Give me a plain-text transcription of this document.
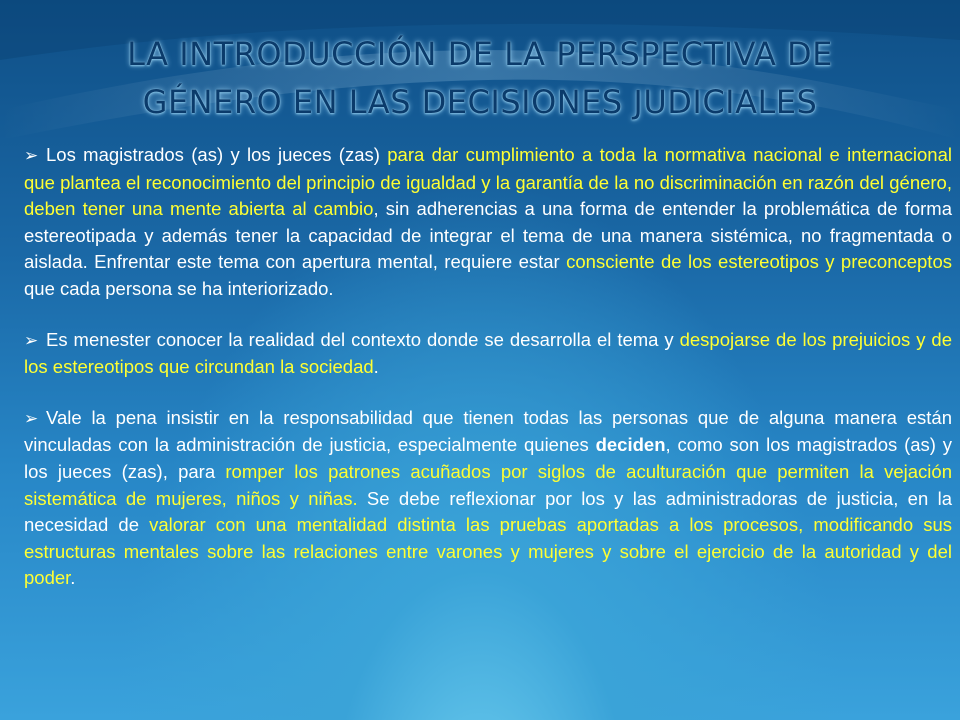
LA INTRODUCCIÓN DE LA PERSPECTIVA DE
GÉNERO EN LAS DECISIONES JUDICIALES

➢ Los magistrados (as) y los jueces (zas) para dar cumplimiento a toda la normativa nacional e internacional que plantea el reconocimiento del principio de igualdad y la garantía de la no discriminación en razón del género, deben tener una mente abierta al cambio, sin adherencias a una forma de entender la problemática de forma estereotipada y además tener la capacidad de integrar el tema de una manera sistémica, no fragmentada o aislada. Enfrentar este tema con apertura mental, requiere estar consciente de los estereotipos y preconceptos que cada persona se ha interiorizado.

➢ Es menester conocer la realidad del contexto donde se desarrolla el tema y despojarse de los prejuicios y de los estereotipos que circundan la sociedad.

➢ Vale la pena insistir en la responsabilidad que tienen todas las personas que de alguna manera están vinculadas con la administración de justicia, especialmente quienes deciden, como son los magistrados (as) y los jueces (zas), para romper los patrones acuñados por siglos de aculturación que permiten la vejación sistemática de mujeres, niños y niñas. Se debe reflexionar por los y las administradoras de justicia, en la necesidad de valorar con una mentalidad distinta las pruebas aportadas a los procesos, modificando sus estructuras mentales sobre las relaciones entre varones y mujeres y sobre el ejercicio de la autoridad y del poder.
